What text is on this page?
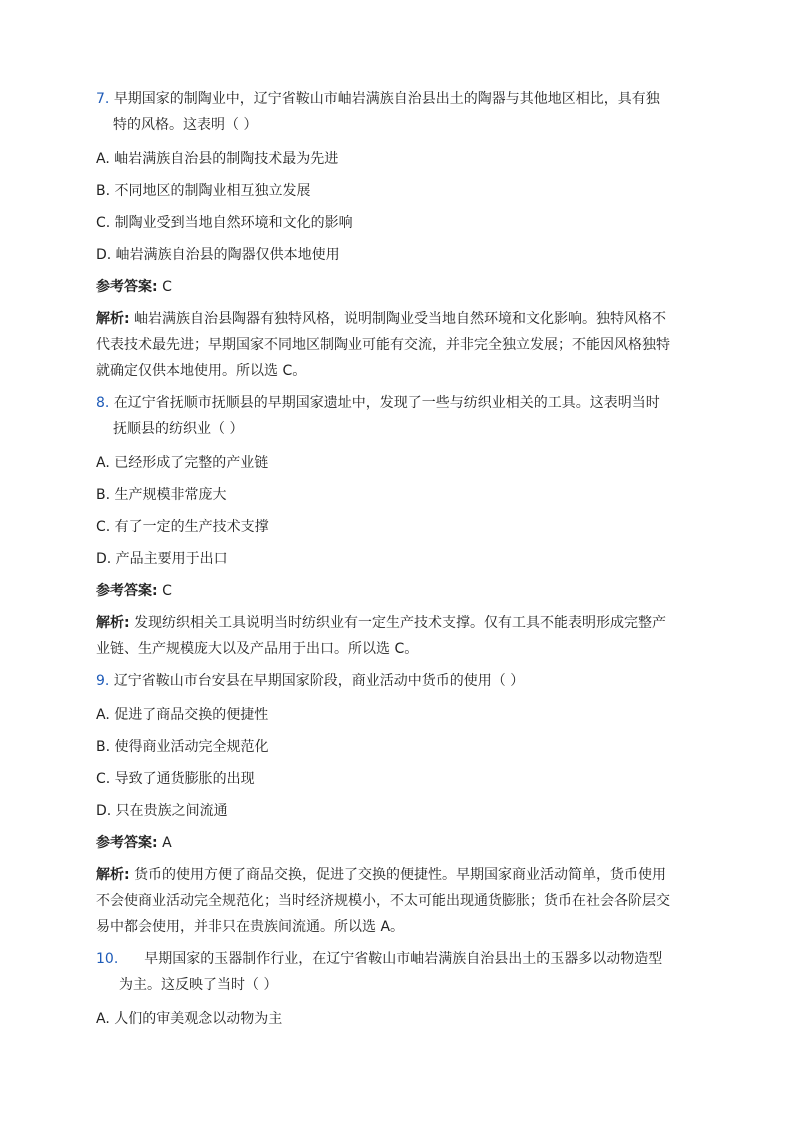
7.
早期国家的制陶业中，辽宁省鞍山市岫岩满族自治县出土的陶器与其他地区相比，具有独
特的风格。这表明（ ）
A. 岫岩满族自治县的制陶技术最为先进
B. 不同地区的制陶业相互独立发展
C. 制陶业受到当地自然环境和文化的影响
D. 岫岩满族自治县的陶器仅供本地使用
参考答案: C
解析: 岫岩满族自治县陶器有独特风格，说明制陶业受当地自然环境和文化影响。独特风格不
代表技术最先进；早期国家不同地区制陶业可能有交流，并非完全独立发展；不能因风格独特
就确定仅供本地使用。所以选 C。
8.
在辽宁省抚顺市抚顺县的早期国家遗址中，发现了一些与纺织业相关的工具。这表明当时
抚顺县的纺织业（ ）
A. 已经形成了完整的产业链
B. 生产规模非常庞大
C. 有了一定的生产技术支撑
D. 产品主要用于出口
参考答案: C
解析: 发现纺织相关工具说明当时纺织业有一定生产技术支撑。仅有工具不能表明形成完整产
业链、生产规模庞大以及产品用于出口。所以选 C。
9.
辽宁省鞍山市台安县在早期国家阶段，商业活动中货币的使用（ ）
A. 促进了商品交换的便捷性
B. 使得商业活动完全规范化
C. 导致了通货膨胀的出现
D. 只在贵族之间流通
参考答案: A
解析: 货币的使用方便了商品交换，促进了交换的便捷性。早期国家商业活动简单，货币使用
不会使商业活动完全规范化；当时经济规模小，不太可能出现通货膨胀；货币在社会各阶层交
易中都会使用，并非只在贵族间流通。所以选 A。
10. 早期国家的玉器制作行业，在辽宁省鞍山市岫岩满族自治县出土的玉器多以动物造型
为主。这反映了当时（ ）
A. 人们的审美观念以动物为主
